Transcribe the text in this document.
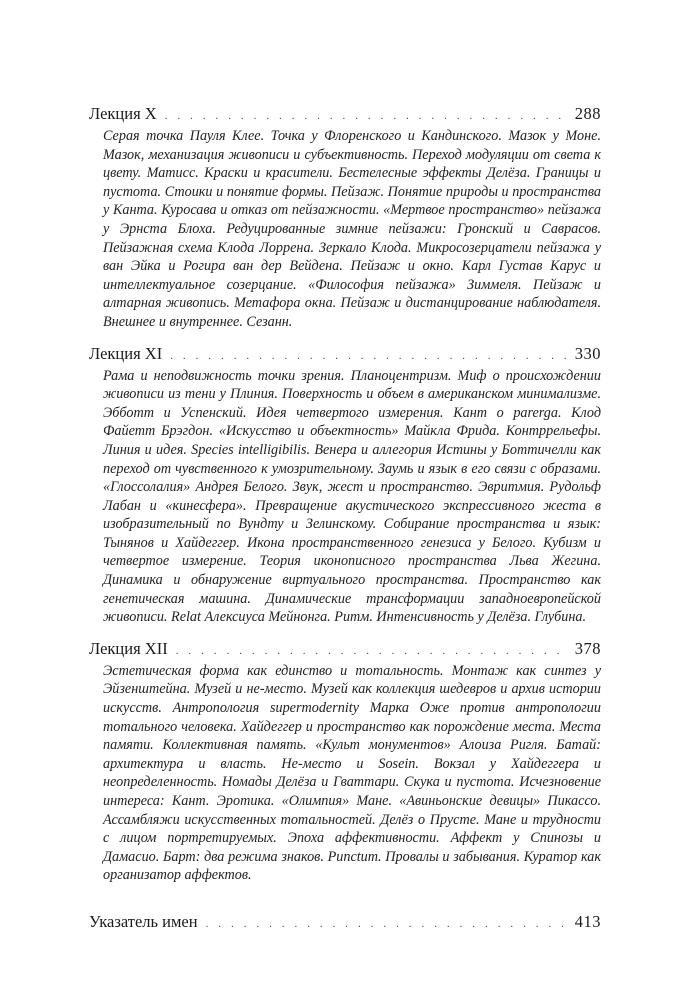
Лекция X . . .	288

Серая точка Пауля Клее. Точка у Флоренского и Кандинского. Мазок у Моне. Мазок, механизация живописи и субъективность. Переход модуляции от света к цвету. Матисс. Краски и красители. Бестелесные эффекты Делёза. Границы и пустота. Стоики и понятие формы. Пейзаж. Понятие природы и пространства у Канта. Куросава и отказ от пейзажности. «Мертвое пространство» пейзажа у Эрнста Блоха. Редуцированные зимние пейзажи: Гронский и Саврасов. Пейзажная схема Клода Лоррена. Зеркало Клода. Микросозерцатели пейзажа у ван Эйка и Рогира ван дер Вейдена. Пейзаж и окно. Карл Густав Карус и интеллектуальное созерцание. «Философия пейзажа» Зиммеля. Пейзаж и алтарная живопись. Метафора окна. Пейзаж и дистанцирование наблюдателя. Внешнее и внутреннее. Сезанн.

Лекция XI . . .	330

Рама и неподвижность точки зрения. Планоцентризм. Миф о происхождении живописи из тени у Плиния. Поверхность и объем в американском минимализме. Эбботт и Успенский. Идея четвертого измерения. Кант о parerga. Клод Файетт Брэгдон. «Искусство и объектность» Майкла Фрида. Контррельефы. Линия и идея. Species intelligibilis. Венера и аллегория Истины у Боттичелли как переход от чувственного к умозрительному. Заумь и язык в его связи с образами. «Глоссолалия» Андрея Белого. Звук, жест и пространство. Эвритмия. Рудольф Лабан и «кинесфера». Превращение акустического экспрессивного жеста в изобразительный по Вундту и Зелинскому. Собирание пространства и язык: Тынянов и Хайдеггер. Икона пространственного генезиса у Белого. Кубизм и четвертое измерение. Теория иконописного пространства Льва Жегина. Динамика и обнаружение виртуального пространства. Пространство как генетическая машина. Динамические трансформации западноевропейской живописи. Relat Алексиуса Мейнонга. Ритм. Интенсивность у Делёза. Глубина.

Лекция XII . . .	378

Эстетическая форма как единство и тотальность. Монтаж как синтез у Эйзенштейна. Музей и не-место. Музей как коллекция шедевров и архив истории искусств. Антропология supermodernity Марка Оже против антропологии тотального человека. Хайдеггер и пространство как порождение места. Места памяти. Коллективная память. «Культ монументов» Алоиза Ригля. Батай: архитектура и власть. Не-место и Sosein. Вокзал у Хайдеггера и неопределенность. Номады Делёза и Гваттари. Скука и пустота. Исчезновение интереса: Кант. Эротика. «Олимпия» Мане. «Авиньонские девицы» Пикассо. Ассамбляжи искусственных тотальностей. Делёз о Прусте. Мане и трудности с лицом портретируемых. Эпоха аффективности. Аффект у Спинозы и Дамасио. Барт: два режима знаков. Punctum. Провалы и забывания. Куратор как организатор аффектов.

Указатель имен . . .	413
